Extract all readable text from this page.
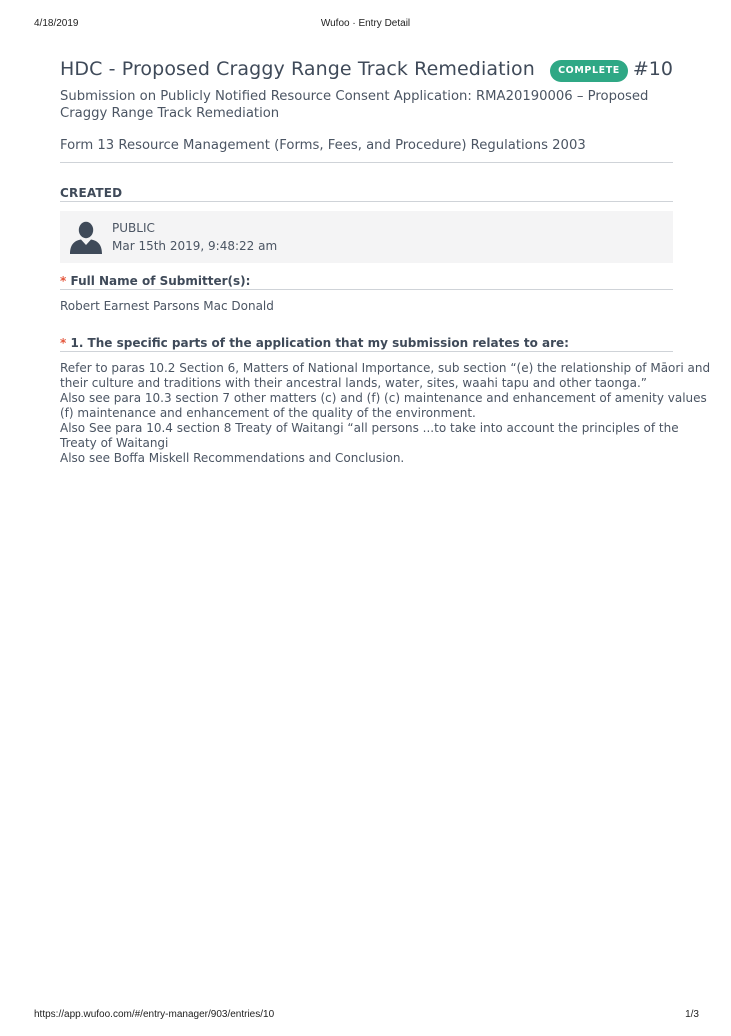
4/18/2019	Wufoo · Entry Detail
HDC - Proposed Craggy Range Track Remediation	COMPLETE #10
Submission on Publicly Notified Resource Consent Application: RMA20190006 – Proposed Craggy Range Track Remediation
Form 13 Resource Management (Forms, Fees, and Procedure) Regulations 2003
CREATED
PUBLIC
Mar 15th 2019, 9:48:22 am
* Full Name of Submitter(s):
Robert Earnest Parsons Mac Donald
* 1. The specific parts of the application that my submission relates to are:
Refer to paras 10.2 Section 6, Matters of National Importance, sub section “(e) the relationship of Māori and
their culture and traditions with their ancestral lands, water, sites, waahi tapu and other taonga.”
Also see para 10.3 section 7 other matters (c) and (f) (c) maintenance and enhancement of amenity values
(f) maintenance and enhancement of the quality of the environment.
Also See para 10.4 section 8 Treaty of Waitangi “all persons ...to take into account the principles of the
Treaty of Waitangi
Also see Boffa Miskell Recommendations and Conclusion.
https://app.wufoo.com/#/entry-manager/903/entries/10	1/3
